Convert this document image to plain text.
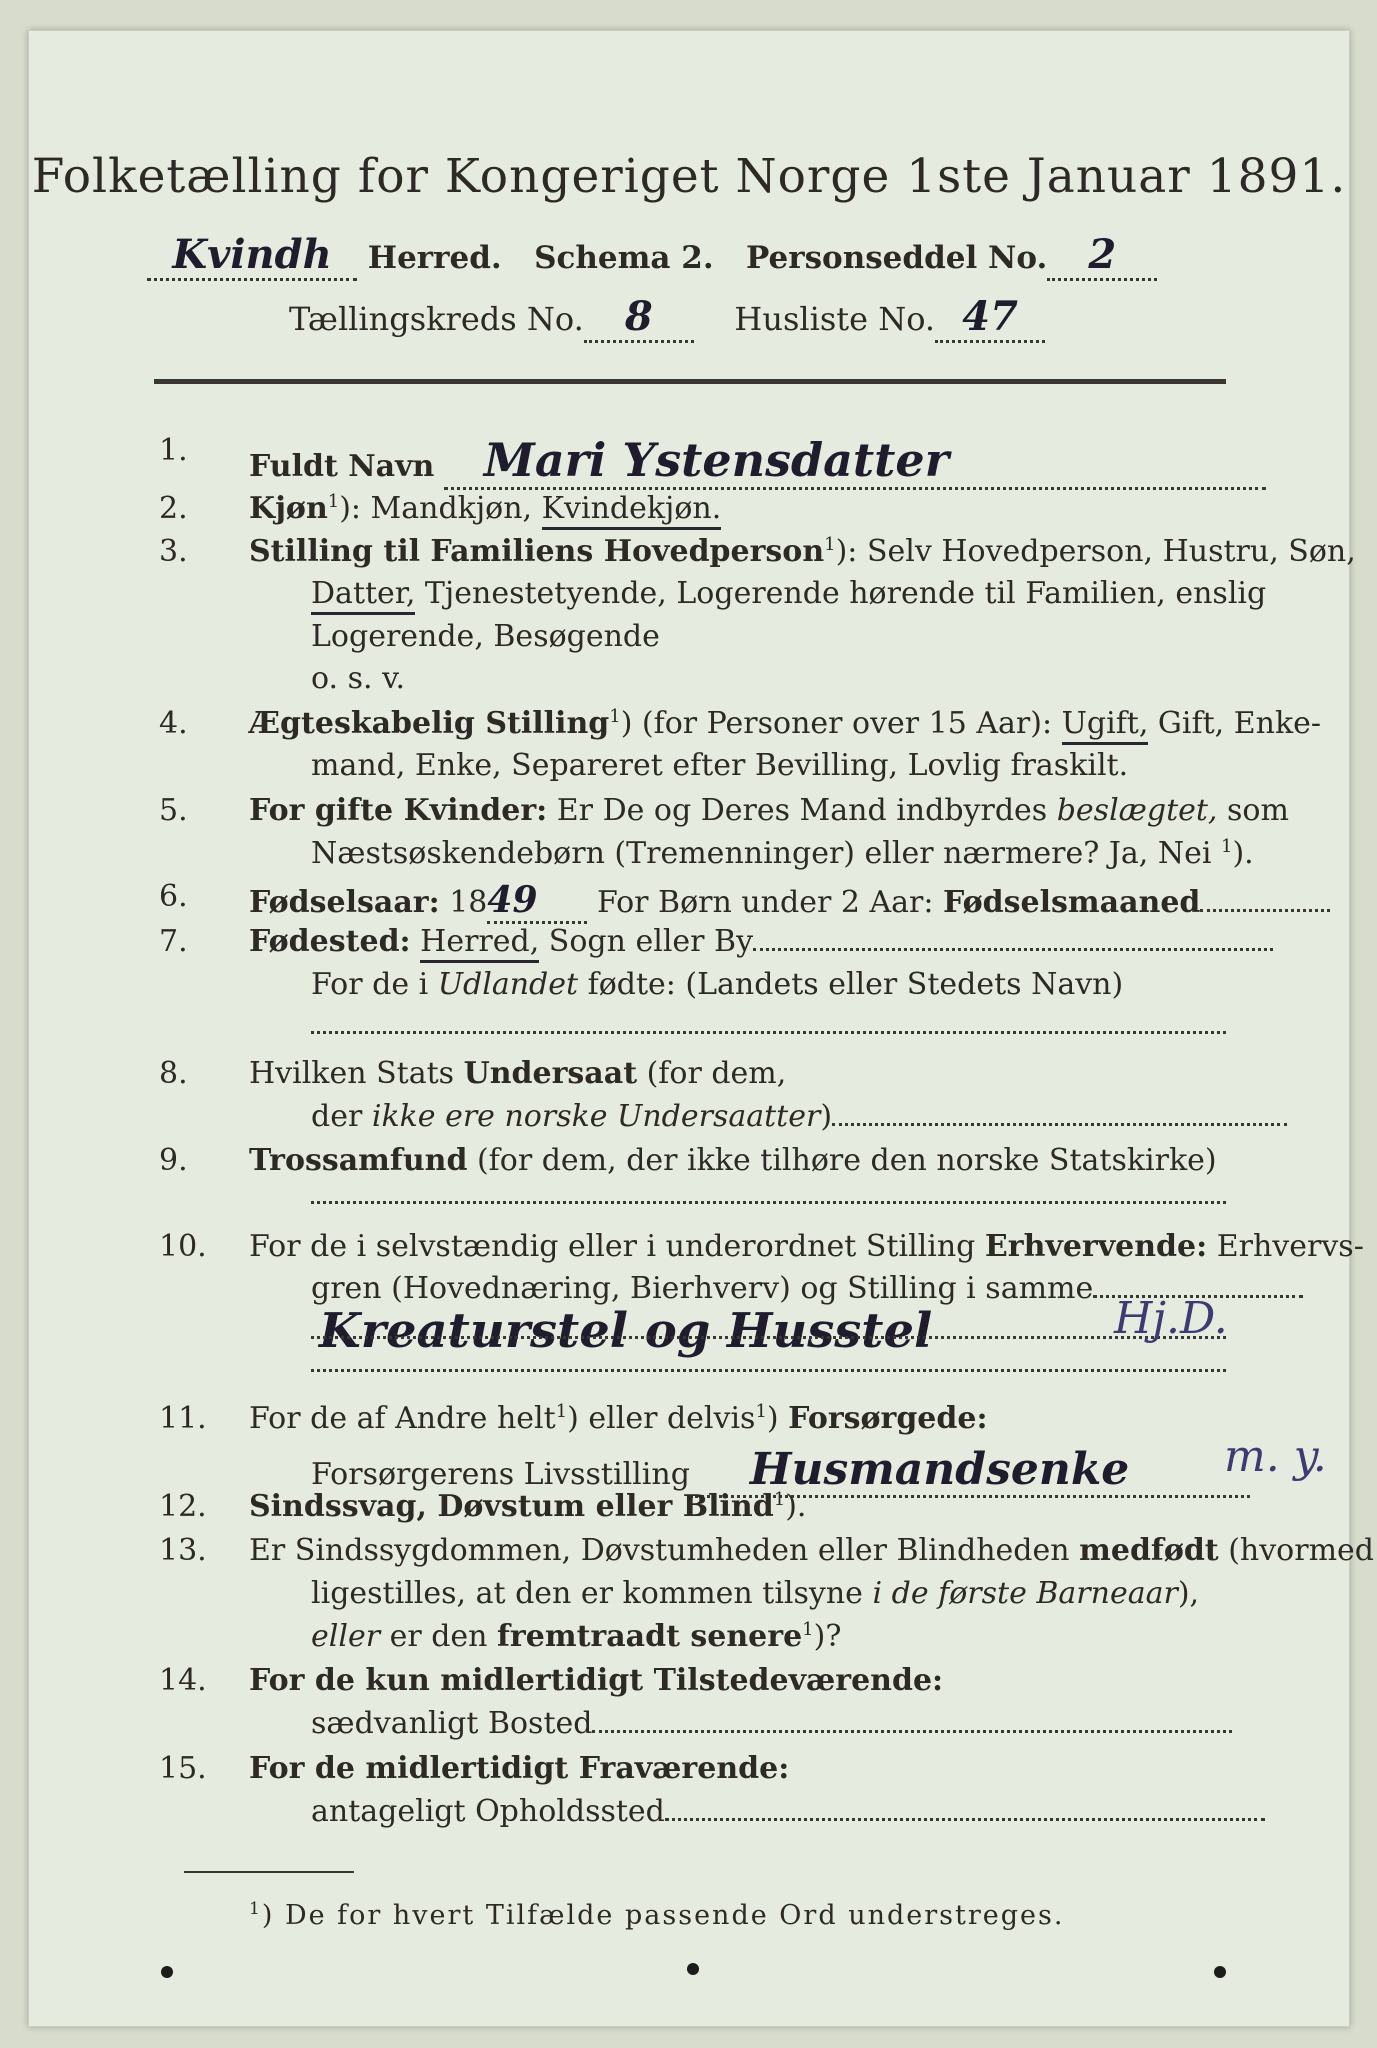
Folketælling for Kongeriget Norge 1ste Januar 1891.
Kvindh Herred. Schema 2. Personseddel No. 2
Tællingskreds No. 8	Husliste No. 47
1. Fuldt Navn Mari Ystensdatter
2. Kjøn$^1$): Mandkjøn, Kvindekjøn.
3. Stilling til Familiens Hovedperson$^1$): Selv Hovedperson, Hustru, Søn,
Datter, Tjenestetyende, Logerende hørende til Familien, enslig
Logerende, Besøgende
o. s. v.
4. Ægteskabelig Stilling$^1$) (for Personer over 15 Aar): Ugift, Gift, Enke-
mand, Enke, Separeret efter Bevilling, Lovlig fraskilt.
5. For gifte Kvinder: Er De og Deres Mand indbyrdes beslægtet, som
Næstsøskendebørn (Tremenninger) eller nærmere? Ja, Nei $^1$).
6. Fødselsaar: 1849 For Børn under 2 Aar: Fødselsmaaned
7. Fødested: Herred, Sogn eller By
For de i Udlandet fødte: (Landets eller Stedets Navn)
8. Hvilken Stats Undersaat (for dem,
der ikke ere norske Undersaatter)
9. Trossamfund (for dem, der ikke tilhøre den norske Statskirke)
10. For de i selvstændig eller i underordnet Stilling Erhvervende: Erhvervs-
gren (Hovednæring, Bierhverv) og Stilling i samme
Kreaturstel og Husstel	Hj.D.
11. For de af Andre helt$^1$) eller delvis$^1$) Forsørgede:
Forsørgerens Livsstilling Husmandsenke	m. y.
12. Sindssvag, Døvstum eller Blind$^1$).
13. Er Sindssygdommen, Døvstumheden eller Blindheden medfødt (hvormed
ligestilles, at den er kommen tilsyne i de første Barneaar),
eller er den fremtraadt senere$^1$)?
14. For de kun midlertidigt Tilstedeværende:
sædvanligt Bosted
15. For de midlertidigt Fraværende:
antageligt Opholdssted
$^1$) De for hvert Tilfælde passende Ord understreges.
